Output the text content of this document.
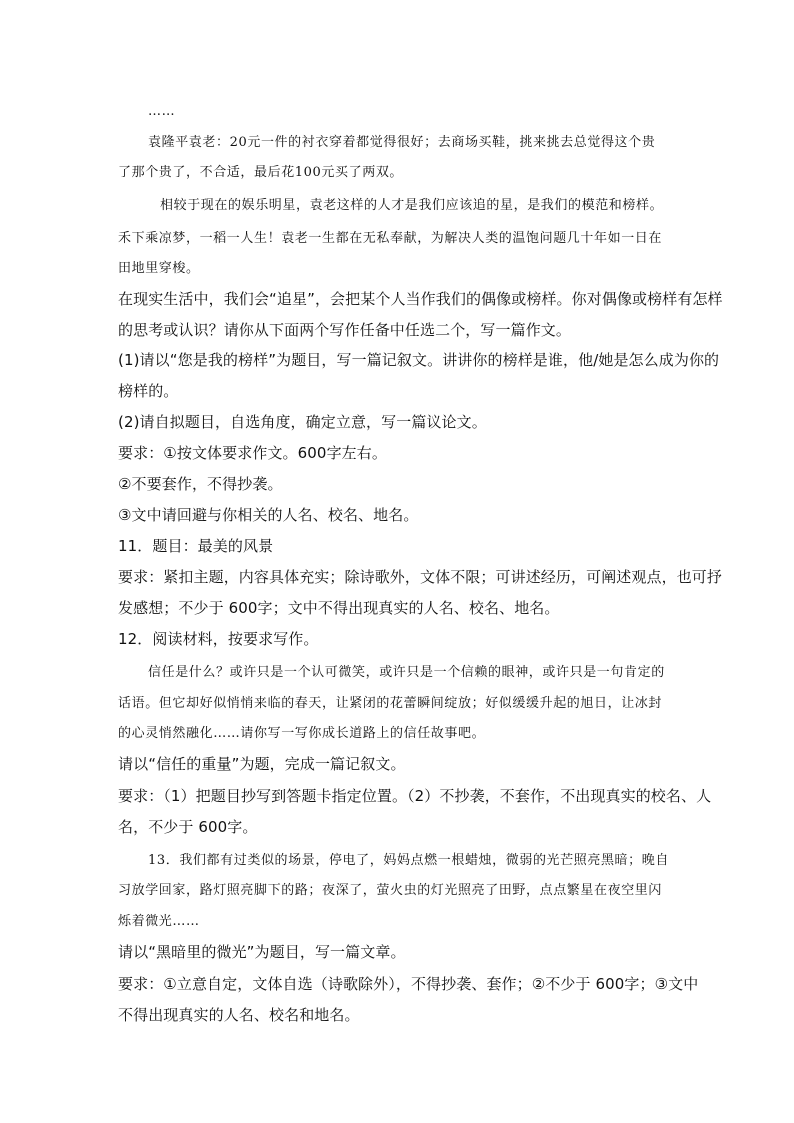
……
袁隆平袁老：20元一件的衬衣穿着都觉得很好；去商场买鞋，挑来挑去总觉得这个贵
了那个贵了，不合适，最后花100元买了两双。
相较于现在的娱乐明星，袁老这样的人才是我们应该追的星，是我们的模范和榜样。
禾下乘凉梦，一稻一人生！袁老一生都在无私奉献，为解决人类的温饱问题几十年如一日在
田地里穿梭。
在现实生活中，我们会“追星”，会把某个人当作我们的偶像或榜样。你对偶像或榜样有怎样
的思考或认识？请你从下面两个写作任备中任选二个，写一篇作文。
(1)请以“您是我的榜样”为题目，写一篇记叙文。讲讲你的榜样是谁，他/她是怎么成为你的
榜样的。
(2)请自拟题目，自选角度，确定立意，写一篇议论文。
要求：①按文体要求作文。600字左右。
②不要套作，不得抄袭。
③文中请回避与你相关的人名、校名、地名。
11．题目：最美的风景
要求：紧扣主题，内容具体充实；除诗歌外，文体不限；可讲述经历，可阐述观点，也可抒
发感想；不少于 600字；文中不得出现真实的人名、校名、地名。
12．阅读材料，按要求写作。
信任是什么？或许只是一个认可微笑，或许只是一个信赖的眼神，或许只是一句肯定的
话语。但它却好似悄悄来临的春天，让紧闭的花蕾瞬间绽放；好似缓缓升起的旭日，让冰封
的心灵悄然融化……请你写一写你成长道路上的信任故事吧。
请以“信任的重量”为题，完成一篇记叙文。
要求：（1）把题目抄写到答题卡指定位置。（2）不抄袭，不套作，不出现真实的校名、人
名，不少于 600字。
13．我们都有过类似的场景，停电了，妈妈点燃一根蜡烛，微弱的光芒照亮黑暗；晚自
习放学回家，路灯照亮脚下的路；夜深了，萤火虫的灯光照亮了田野，点点繁星在夜空里闪
烁着微光……
请以“黑暗里的微光”为题目，写一篇文章。
要求：①立意自定，文体自选（诗歌除外），不得抄袭、套作；②不少于 600字；③文中
不得出现真实的人名、校名和地名。
